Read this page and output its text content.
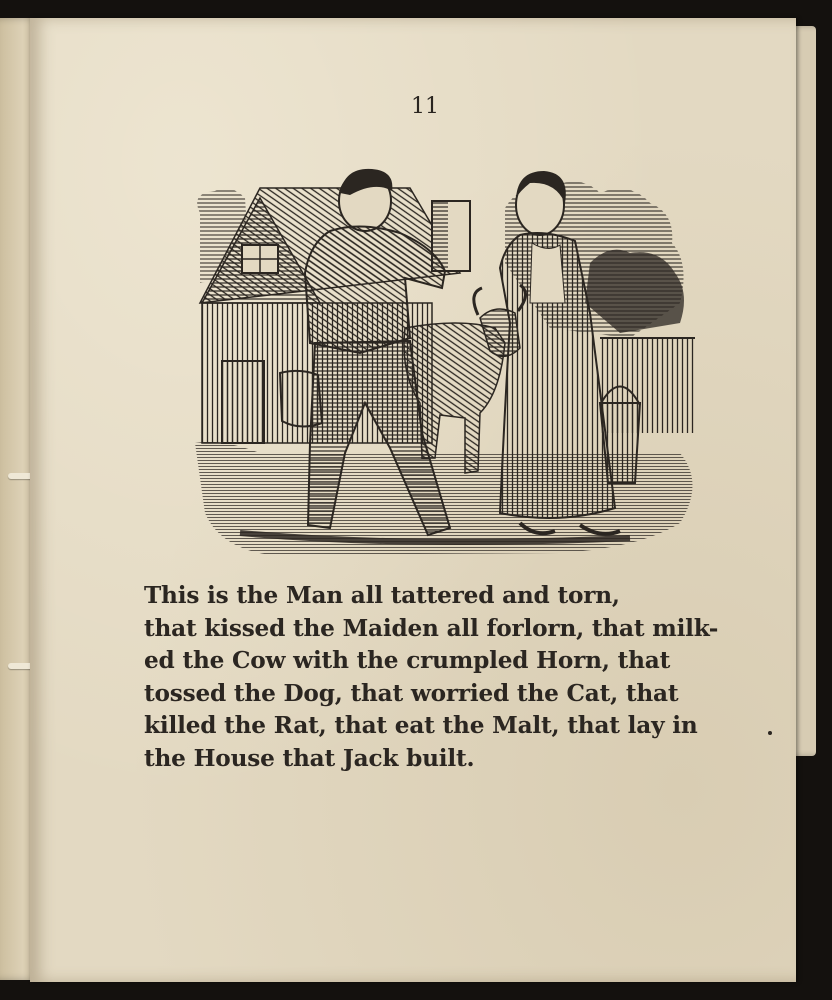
11
This is the Man all tattered and torn,
that kissed the Maiden all forlorn, that milk-
ed the Cow with the crumpled Horn, that
tossed the Dog, that worried the Cat, that
killed the Rat, that eat the Malt, that lay in
the House that Jack built.
